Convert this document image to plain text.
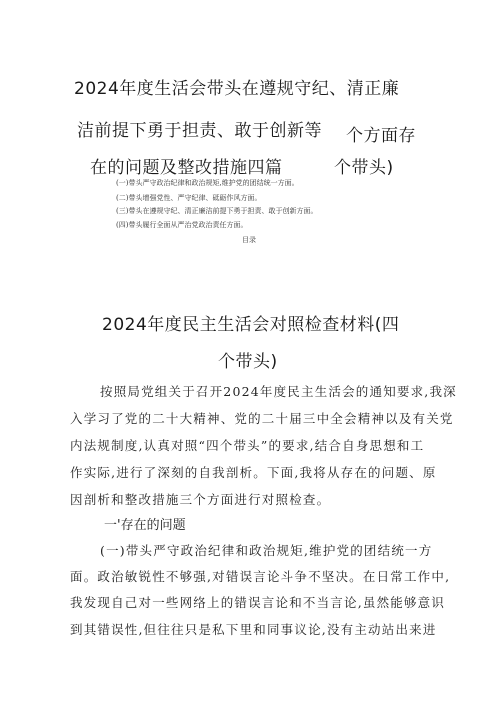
2024年度生活会带头在遵规守纪、清正廉
洁前提下勇于担责、敢于创新等 个方面存
在的问题及整改措施四篇	个带头)
(一)带头严守政治纪律和政治规矩,维护党的团结统一方面。
(二)带头增强党性、严守纪律、砥砺作风方面。
(三)带头在遵规守纪、清正廉洁前提下勇于担责、敢于创新方面。
(四)带头履行全面从严治党政治责任方面。
目录
2024年度民主生活会对照检查材料(四
个带头)
按照局党组关于召开2024年度民主生活会的通知要求,我深
入学习了党的二十大精神、党的二十届三中全会精神以及有关党
内法规制度,认真对照“四个带头”的要求,结合自身思想和工
作实际,进行了深刻的自我剖析。下面,我将从存在的问题、原
因剖析和整改措施三个方面进行对照检查。
一'存在的问题
(一)带头严守政治纪律和政治规矩,维护党的团结统一方
面。政治敏锐性不够强,对错误言论斗争不坚决。在日常工作中,
我发现自己对一些网络上的错误言论和不当言论,虽然能够意识
到其错误性,但往往只是私下里和同事议论,没有主动站出来进
